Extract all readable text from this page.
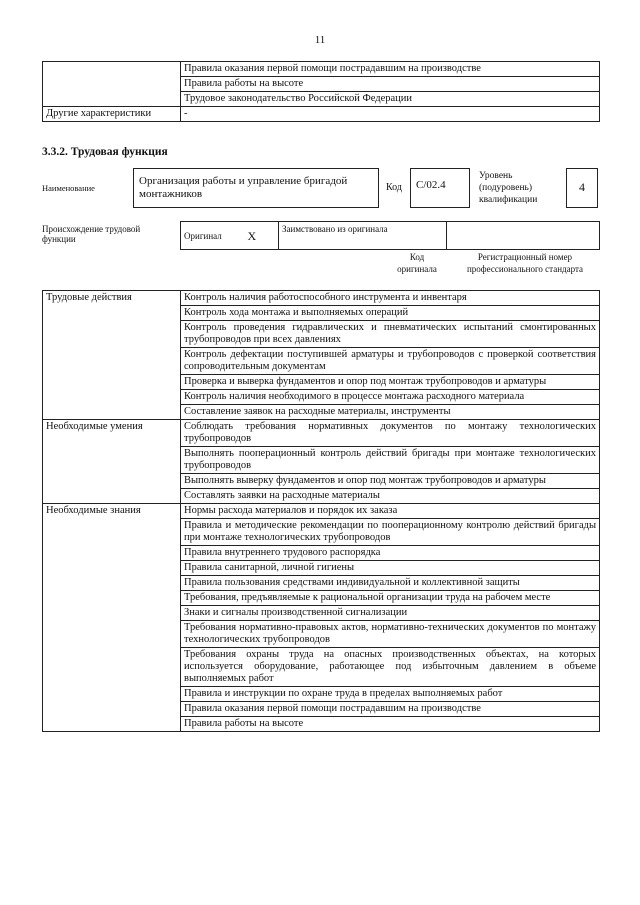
11
	Правила оказания первой помощи пострадавшим на производстве
	Правила работы на высоте
	Трудовое законодательство Российской Федерации
Другие характеристики	-
3.3.2. Трудовая функция
Наименование
Организация работы и управление бригадой монтажников
Код	С/02.4
Уровень (подуровень) квалификации
4
Происхождение трудовой функции	Оригинал	X	Заимствовано из оригинала	
Код оригинала
Регистрационный номер профессионального стандарта
Трудовые действия	Контроль наличия работоспособного инструмента и инвентаря
	Контроль хода монтажа и выполняемых операций
	Контроль проведения гидравлических и пневматических испытаний смонтированных трубопроводов при всех давлениях
	Контроль дефектации поступившей арматуры и трубопроводов с проверкой соответствия сопроводительным документам
	Проверка и выверка фундаментов и опор под монтаж трубопроводов и арматуры
	Контроль наличия необходимого в процессе монтажа расходного материала
	Составление заявок на расходные материалы, инструменты
Необходимые умения	Соблюдать требования нормативных документов по монтажу технологических трубопроводов
	Выполнять пооперационный контроль действий бригады при монтаже технологических трубопроводов
	Выполнять выверку фундаментов и опор под монтаж трубопроводов и арматуры
	Составлять заявки на расходные материалы
Необходимые знания	Нормы расхода материалов и порядок их заказа
	Правила и методические рекомендации по пооперационному контролю действий бригады при монтаже технологических трубопроводов
	Правила внутреннего трудового распорядка
	Правила санитарной, личной гигиены
	Правила пользования средствами индивидуальной и коллективной защиты
	Требования, предъявляемые к рациональной организации труда на рабочем месте
	Знаки и сигналы производственной сигнализации
	Требования нормативно-правовых актов, нормативно-технических документов по монтажу технологических трубопроводов
	Требования охраны труда на опасных производственных объектах, на которых используется оборудование, работающее под избыточным давлением в объеме выполняемых работ
	Правила и инструкции по охране труда в пределах выполняемых работ
	Правила оказания первой помощи пострадавшим на производстве
	Правила работы на высоте
